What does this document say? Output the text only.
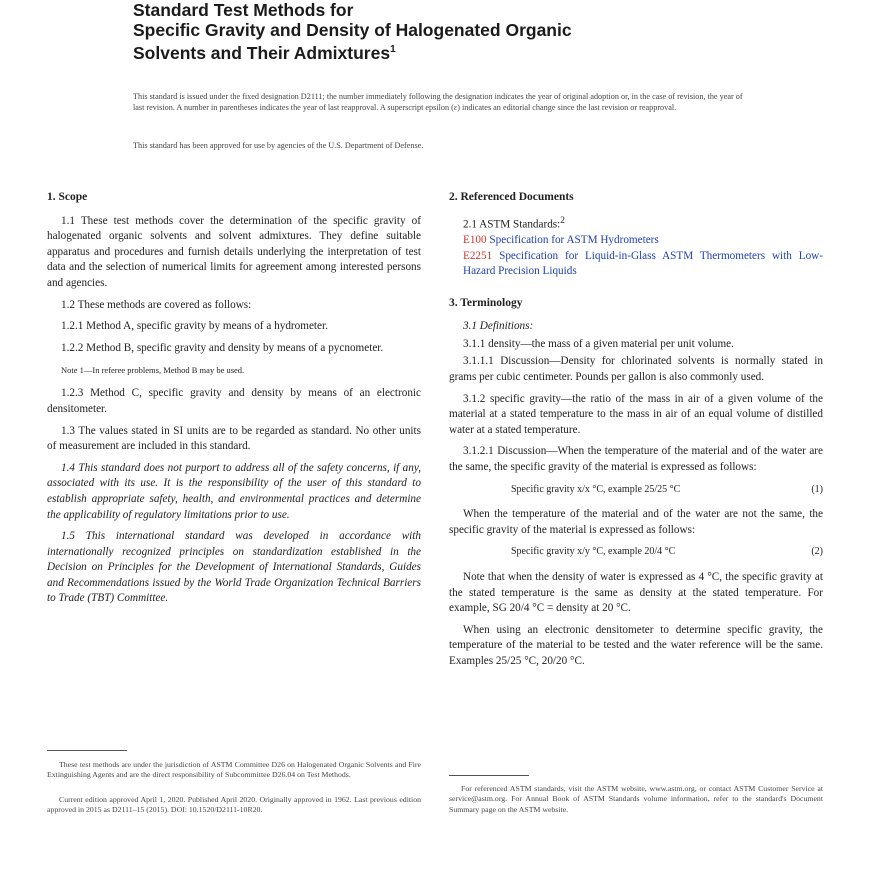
Standard Test Methods for
Specific Gravity and Density of Halogenated Organic
Solvents and Their Admixtures$^1$
This standard is issued under the fixed designation D2111; the number immediately following the designation indicates the year of original adoption or, in the case of revision, the year of last revision. A number in parentheses indicates the year of last reapproval. A superscript epsilon (ε) indicates an editorial change since the last revision or reapproval.
This standard has been approved for use by agencies of the U.S. Department of Defense.
1. Scope

1.1 These test methods cover the determination of the specific gravity of halogenated organic solvents and solvent admixtures. They define suitable apparatus and procedures and furnish details underlying the interpretation of test data and the selection of numerical limits for agreement among interested persons and agencies.

1.2 These methods are covered as follows:

1.2.1 Method A, specific gravity by means of a hydrometer.

1.2.2 Method B, specific gravity and density by means of a pycnometer.

Note 1—In referee problems, Method B may be used.

1.2.3 Method C, specific gravity and density by means of an electronic densitometer.

1.3 The values stated in SI units are to be regarded as standard. No other units of measurement are included in this standard.

1.4 This standard does not purport to address all of the safety concerns, if any, associated with its use. It is the responsibility of the user of this standard to establish appropriate safety, health, and environmental practices and determine the applicability of regulatory limitations prior to use.

1.5 This international standard was developed in accordance with internationally recognized principles on standardization established in the Decision on Principles for the Development of International Standards, Guides and Recommendations issued by the World Trade Organization Technical Barriers to Trade (TBT) Committee.

2. Referenced Documents

2.1 ASTM Standards:$^2$

E100 Specification for ASTM Hydrometers

E2251 Specification for Liquid-in-Glass ASTM Thermometers with Low-Hazard Precision Liquids

3. Terminology

3.1 Definitions:

3.1.1 density—the mass of a given material per unit volume.

3.1.1.1 Discussion—Density for chlorinated solvents is normally stated in grams per cubic centimeter. Pounds per gallon is also commonly used.

3.1.2 specific gravity—the ratio of the mass in air of a given volume of the material at a stated temperature to the mass in air of an equal volume of distilled water at a stated temperature.

3.1.2.1 Discussion—When the temperature of the material and of the water are the same, the specific gravity of the material is expressed as follows:

Specific gravity x/x °C, example 25/25 °C	(1)

When the temperature of the material and of the water are not the same, the specific gravity of the material is expressed as follows:

Specific gravity x/y °C, example 20/4 °C	(2)

Note that when the density of water is expressed as 4 °C, the specific gravity at the stated temperature is the same as density at the stated temperature. For example, SG 20/4 °C = density at 20 °C.

When using an electronic densitometer to determine specific gravity, the temperature of the material to be tested and the water reference will be the same. Examples 25/25 °C, 20/20 °C.

These test methods are under the jurisdiction of ASTM Committee D26 on Halogenated Organic Solvents and Fire Extinguishing Agents and are the direct responsibility of Subcommittee D26.04 on Test Methods.
Current edition approved April 1, 2020. Published April 2020. Originally approved in 1962. Last previous edition approved in 2015 as D2111–15 (2015). DOI: 10.1520/D2111-10R20.
For referenced ASTM standards, visit the ASTM website, www.astm.org, or contact ASTM Customer Service at service@astm.org. For Annual Book of ASTM Standards volume information, refer to the standard's Document Summary page on the ASTM website.
